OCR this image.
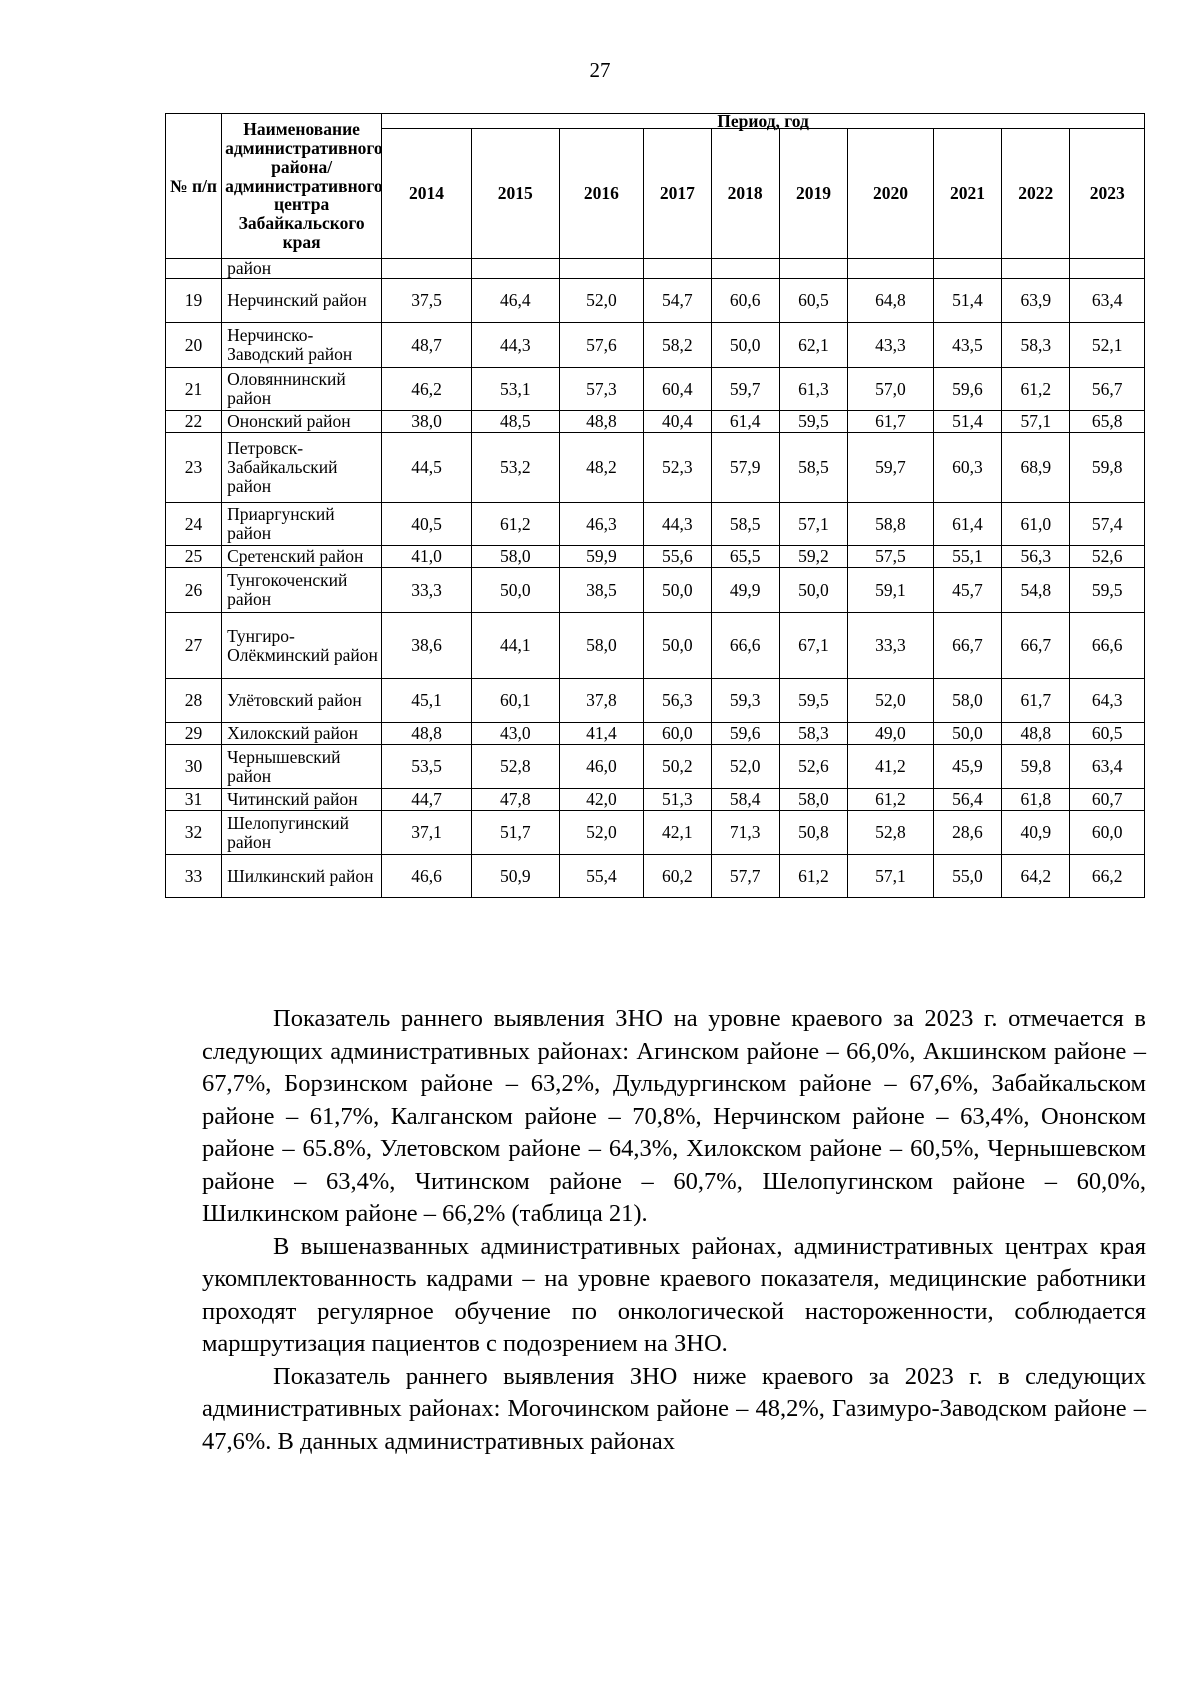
27
№ п/п	Наименование административного района/ административного центра Забайкальского края	Период, год									
		2014	2015	2016	2017	2018	2019	2020	2021	2022	2023
	район										
19	Нерчинский район	37,5	46,4	52,0	54,7	60,6	60,5	64,8	51,4	63,9	63,4
20	Нерчинско-Заводский район	48,7	44,3	57,6	58,2	50,0	62,1	43,3	43,5	58,3	52,1
21	Оловяннинский район	46,2	53,1	57,3	60,4	59,7	61,3	57,0	59,6	61,2	56,7
22	Ононский район	38,0	48,5	48,8	40,4	61,4	59,5	61,7	51,4	57,1	65,8
23	Петровск-Забайкальский район	44,5	53,2	48,2	52,3	57,9	58,5	59,7	60,3	68,9	59,8
24	Приаргунский район	40,5	61,2	46,3	44,3	58,5	57,1	58,8	61,4	61,0	57,4
25	Сретенский район	41,0	58,0	59,9	55,6	65,5	59,2	57,5	55,1	56,3	52,6
26	Тунгокоченский район	33,3	50,0	38,5	50,0	49,9	50,0	59,1	45,7	54,8	59,5
27	Тунгиро-Олёкминский район	38,6	44,1	58,0	50,0	66,6	67,1	33,3	66,7	66,7	66,6
28	Улётовский район	45,1	60,1	37,8	56,3	59,3	59,5	52,0	58,0	61,7	64,3
29	Хилокский район	48,8	43,0	41,4	60,0	59,6	58,3	49,0	50,0	48,8	60,5
30	Чернышевский район	53,5	52,8	46,0	50,2	52,0	52,6	41,2	45,9	59,8	63,4
31	Читинский район	44,7	47,8	42,0	51,3	58,4	58,0	61,2	56,4	61,8	60,7
32	Шелопугинский район	37,1	51,7	52,0	42,1	71,3	50,8	52,8	28,6	40,9	60,0
33	Шилкинский район	46,6	50,9	55,4	60,2	57,7	61,2	57,1	55,0	64,2	66,2

Показатель раннего выявления ЗНО на уровне краевого за 2023 г. отмечается в следующих административных районах: Агинском районе – 66,0%, Акшинском районе – 67,7%, Борзинском районе – 63,2%, Дульдургинском районе – 67,6%, Забайкальском районе – 61,7%, Калганском районе – 70,8%, Нерчинском районе – 63,4%, Ононском районе – 65.8%, Улетовском районе – 64,3%, Хилокском районе – 60,5%, Чернышевском районе – 63,4%, Читинском районе – 60,7%, Шелопугинском районе – 60,0%, Шилкинском районе – 66,2% (таблица 21).

В вышеназванных административных районах, административных центрах края укомплектованность кадрами – на уровне краевого показателя, медицинские работники проходят регулярное обучение по онкологической настороженности, соблюдается маршрутизация пациентов с подозрением на ЗНО.

Показатель раннего выявления ЗНО ниже краевого за 2023 г. в следующих административных районах: Могочинском районе – 48,2%, Газимуро-Заводском районе – 47,6%. В данных административных районах
